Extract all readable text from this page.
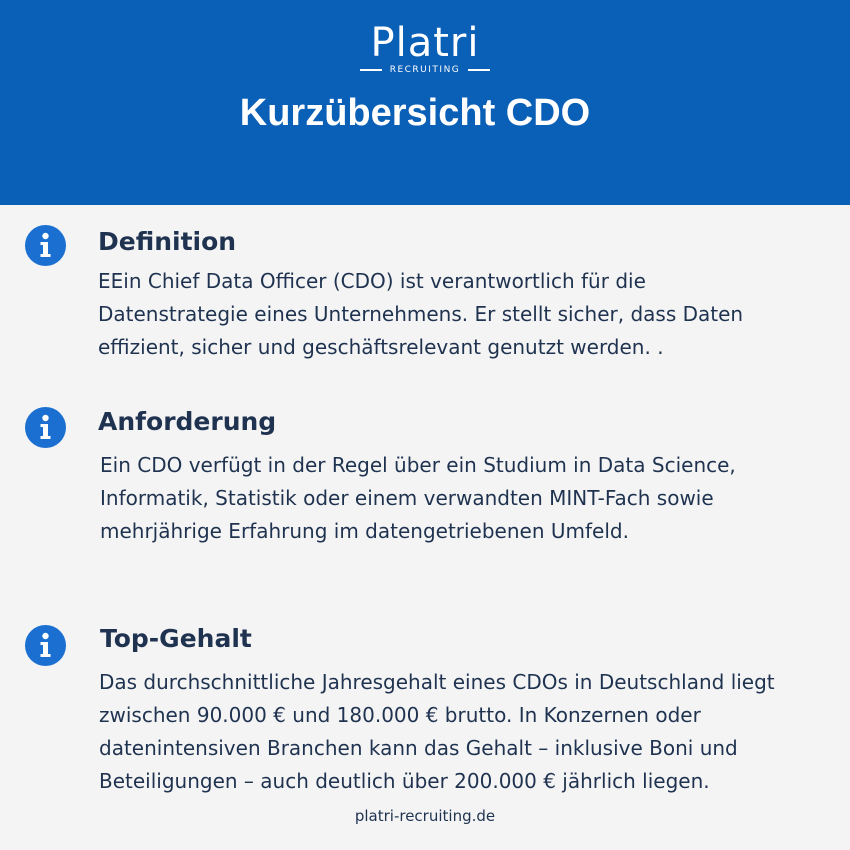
Platri
RECRUITING
Kurzübersicht CDO
Definition
EEin Chief Data Officer (CDO) ist verantwortlich für die
Datenstrategie eines Unternehmens. Er stellt sicher, dass Daten
effizient, sicher und geschäftsrelevant genutzt werden. .
Anforderung
Ein CDO verfügt in der Regel über ein Studium in Data Science,
Informatik, Statistik oder einem verwandten MINT-Fach sowie
mehrjährige Erfahrung im datengetriebenen Umfeld.
Top-Gehalt
Das durchschnittliche Jahresgehalt eines CDOs in Deutschland liegt
zwischen 90.000 € und 180.000 € brutto. In Konzernen oder
datenintensiven Branchen kann das Gehalt – inklusive Boni und
Beteiligungen – auch deutlich über 200.000 € jährlich liegen.
platri-recruiting.de
